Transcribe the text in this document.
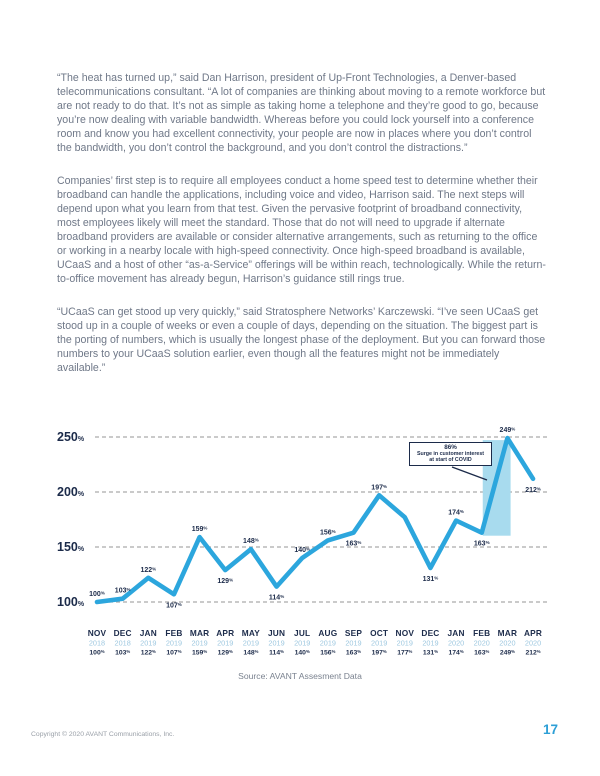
“The heat has turned up,” said Dan Harrison, president of Up-Front Technologies, a Denver-based telecommunications consultant. “A lot of companies are thinking about moving to a remote workforce but are not ready to do that. It’s not as simple as taking home a telephone and they’re good to go, because you’re now dealing with variable bandwidth. Whereas before you could lock yourself into a conference room and know you had excellent connectivity, your people are now in places where you don’t control the bandwidth, you don’t control the background, and you don’t control the distractions.”

Companies’ first step is to require all employees conduct a home speed test to determine whether their broadband can handle the applications, including voice and video, Harrison said. The next steps will depend upon what you learn from that test. Given the pervasive footprint of broadband connectivity, most employees likely will meet the standard. Those that do not will need to upgrade if alternate broadband providers are available or consider alternative arrangements, such as returning to the office or working in a nearby locale with high-speed connectivity. Once high-speed broadband is available, UCaaS and a host of other “as-a-Service” offerings will be within reach, technologically. While the return-to-office movement has already begun, Harrison’s guidance still rings true.

“UCaaS can get stood up very quickly,” said Stratosphere Networks’ Karczewski. “I’ve seen UCaaS get stood up in a couple of weeks or even a couple of days, depending on the situation. The biggest part is the porting of numbers, which is usually the longest phase of the deployment. But you can forward those numbers to your UCaaS solution earlier, even though all the features might not be immediately available.”

100%
150%
200%
250%
100% 103%
122%
107%
159%
129%
148%
114%
140%
156%
163%
197%
131%
174%
163%
249%
212%
NOV
2018
100%
DEC
2018
103%
JAN
2019
122%
FEB
2019
107%
MAR
2019
159%
APR
2019
129%
MAY
2019
148%
JUN
2019
114%
JUL
2019
140%
AUG
2019
156%
SEP
2019
163%
OCT
2019
197%
NOV
2019
177%
DEC
2019
131%
JAN
2020
174%
FEB
2020
163%
MAR
2020
249%
APR
2020
212%
86%
Surge in customer interest
at start of COVID
Source: AVANT Assesment Data
Copyright © 2020 AVANT Communications, Inc.	17
